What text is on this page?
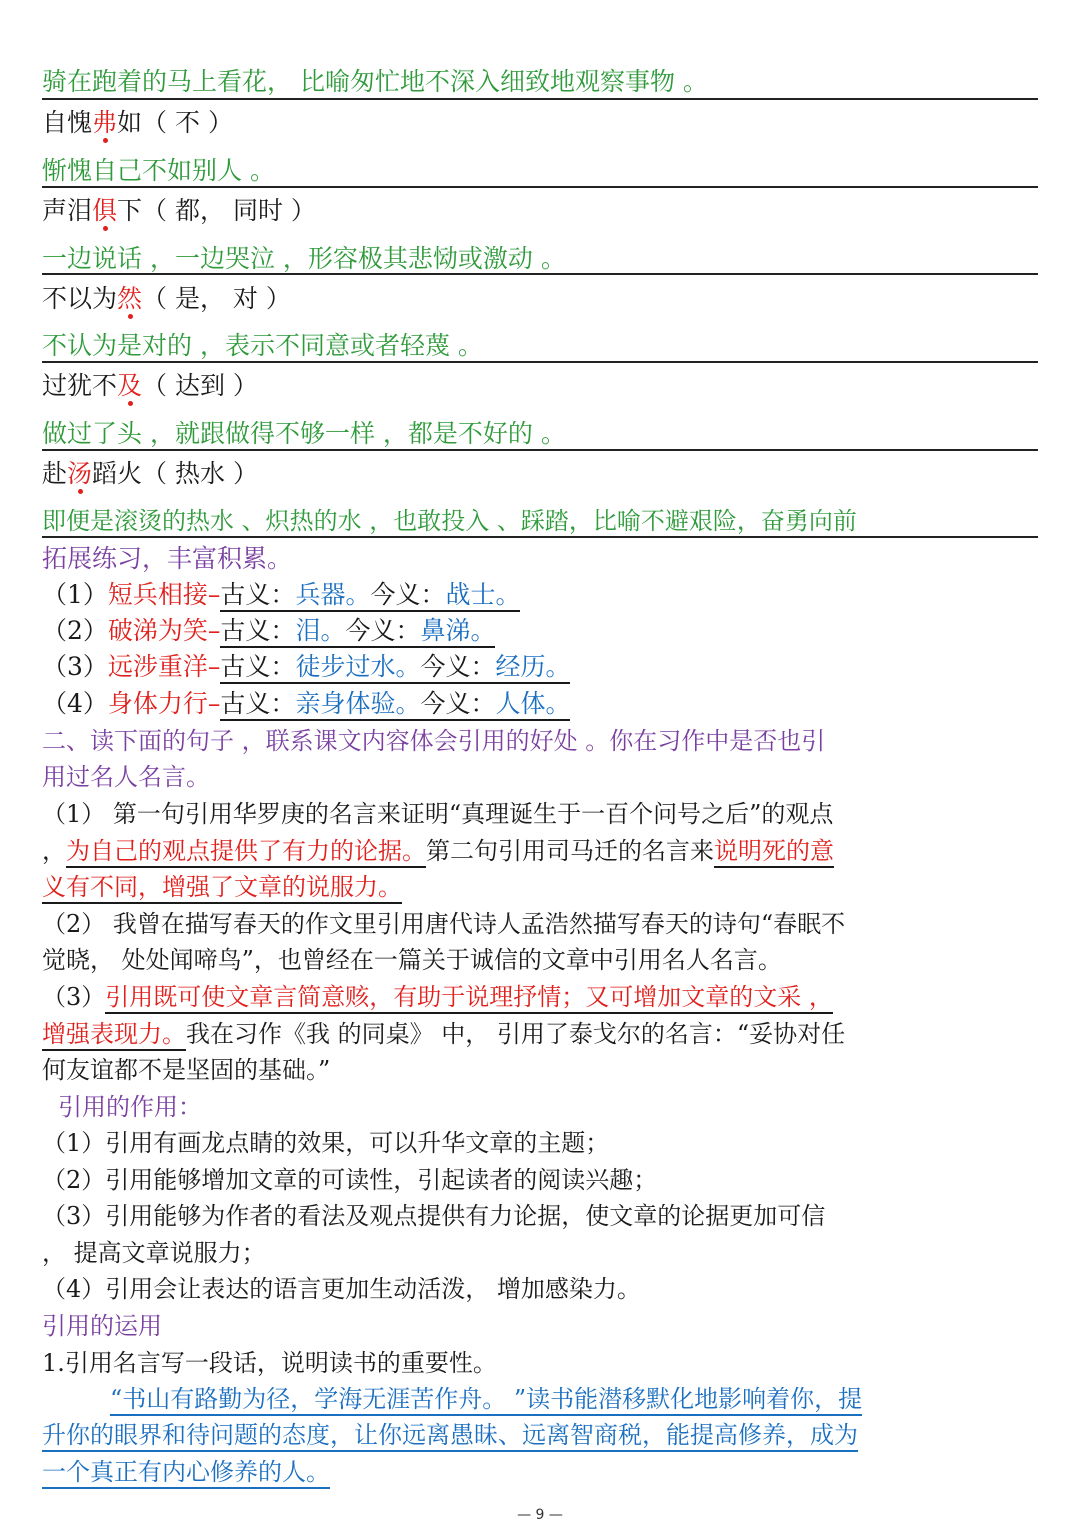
骑在跑着的马上看花， 比喻匆忙地不深入细致地观察事物 。
自愧弗如（ 不 ）
惭愧自己不如别人 。
声泪俱下（ 都， 同时 ）
一边说话 ，一边哭泣 ，形容极其悲恸或激动 。
不以为然（ 是， 对 ）
不认为是对的 ，表示不同意或者轻蔑 。
过犹不及（ 达到 ）
做过了头 ，就跟做得不够一样 ，都是不好的 。
赴汤蹈火（ 热水 ）
即便是滚烫的热水 、炽热的水 ，也敢投入 、踩踏，比喻不避艰险，奋勇向前
拓展练习，丰富积累。
（1）短兵相接–古义：兵器。今义：战士。
（2）破涕为笑–古义：泪。今义：鼻涕。
（3）远涉重洋–古义：徒步过水。今义：经历。
（4）身体力行–古义：亲身体验。今义：人体。
二、读下面的句子 ，联系课文内容体会引用的好处 。你在习作中是否也引
用过名人名言。
（1） 第一句引用华罗庚的名言来证明“真理诞生于一百个问号之后”的观点
，为自己的观点提供了有力的论据。第二句引用司马迁的名言来说明死的意
义有不同，增强了文章的说服力。
（2） 我曾在描写春天的作文里引用唐代诗人孟浩然描写春天的诗句“春眠不
觉晓， 处处闻啼鸟”，也曾经在一篇关于诚信的文章中引用名人名言。
（3）引用既可使文章言简意赅，有助于说理抒情；又可增加文章的文采 ，
增强表现力。我在习作《我 的同桌》 中， 引用了泰戈尔的名言：“妥协对任
何友谊都不是坚固的基础。”
引用的作用：
（1）引用有画龙点睛的效果，可以升华文章的主题；
（2）引用能够增加文章的可读性，引起读者的阅读兴趣；
（3）引用能够为作者的看法及观点提供有力论据，使文章的论据更加可信
， 提高文章说服力；
（4）引用会让表达的语言更加生动活泼， 增加感染力。
引用的运用
1.引用名言写一段话，说明读书的重要性。
“书山有路勤为径，学海无涯苦作舟。 ”读书能潜移默化地影响着你，提
升你的眼界和待问题的态度，让你远离愚昧、远离智商税，能提高修养，成为
一个真正有内心修养的人。
— 9 —
